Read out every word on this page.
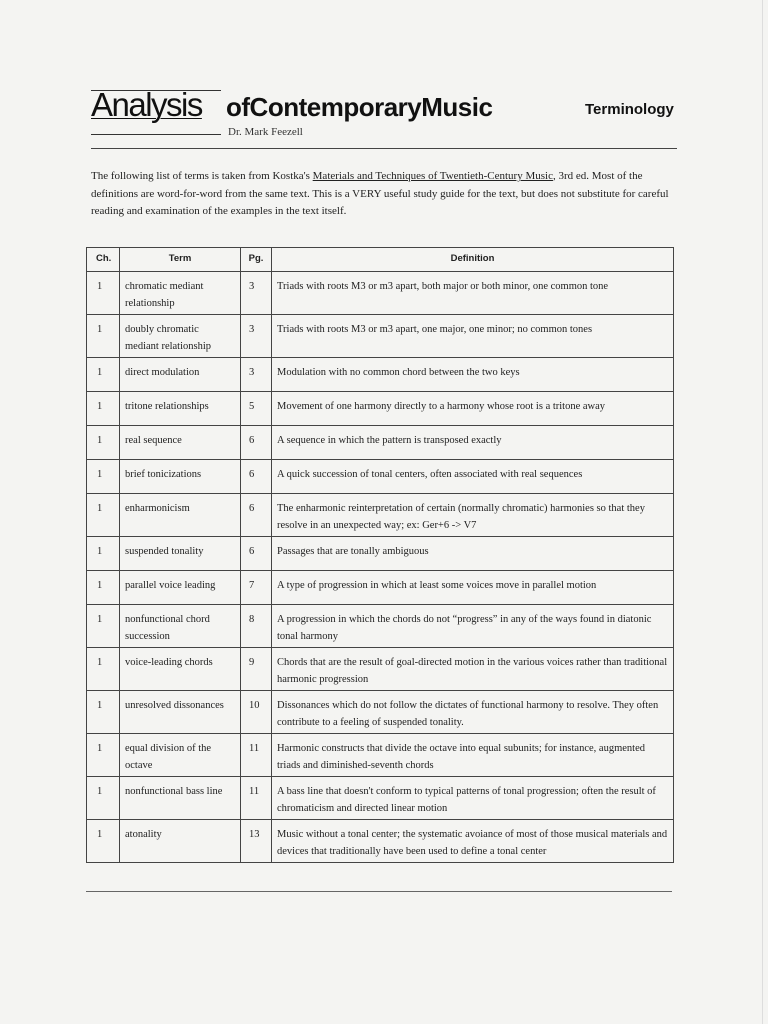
Analysis ofContemporaryMusic	Terminology
Dr. Mark Feezell

The following list of terms is taken from Kostka's Materials and Techniques of Twentieth-Century Music, 3rd ed. Most of the definitions are word-for-word from the same text. This is a VERY useful study guide for the text, but does not substitute for careful reading and examination of the examples in the text itself.

Ch.	Term	Pg.	Definition
1	chromatic mediant relationship	3	Triads with roots M3 or m3 apart, both major or both minor, one common tone
1	doubly chromatic mediant relationship	3	Triads with roots M3 or m3 apart, one major, one minor; no common tones
1	direct modulation	3	Modulation with no common chord between the two keys
1	tritone relationships	5	Movement of one harmony directly to a harmony whose root is a tritone away
1	real sequence	6	A sequence in which the pattern is transposed exactly
1	brief tonicizations	6	A quick succession of tonal centers, often associated with real sequences
1	enharmonicism	6	The enharmonic reinterpretation of certain (normally chromatic) harmonies so that they resolve in an unexpected way; ex: Ger+6 -> V7
1	suspended tonality	6	Passages that are tonally ambiguous
1	parallel voice leading	7	A type of progression in which at least some voices move in parallel motion
1	nonfunctional chord succession	8	A progression in which the chords do not “progress” in any of the ways found in diatonic tonal harmony
1	voice-leading chords	9	Chords that are the result of goal-directed motion in the various voices rather than traditional harmonic progression
1	unresolved dissonances	10	Dissonances which do not follow the dictates of functional harmony to resolve. They often contribute to a feeling of suspended tonality.
1	equal division of the octave	11	Harmonic constructs that divide the octave into equal subunits; for instance, augmented triads and diminished-seventh chords
1	nonfunctional bass line	11	A bass line that doesn't conform to typical patterns of tonal progression; often the result of chromaticism and directed linear motion
1	atonality	13	Music without a tonal center; the systematic avoiance of most of those musical materials and devices that traditionally have been used to define a tonal center
